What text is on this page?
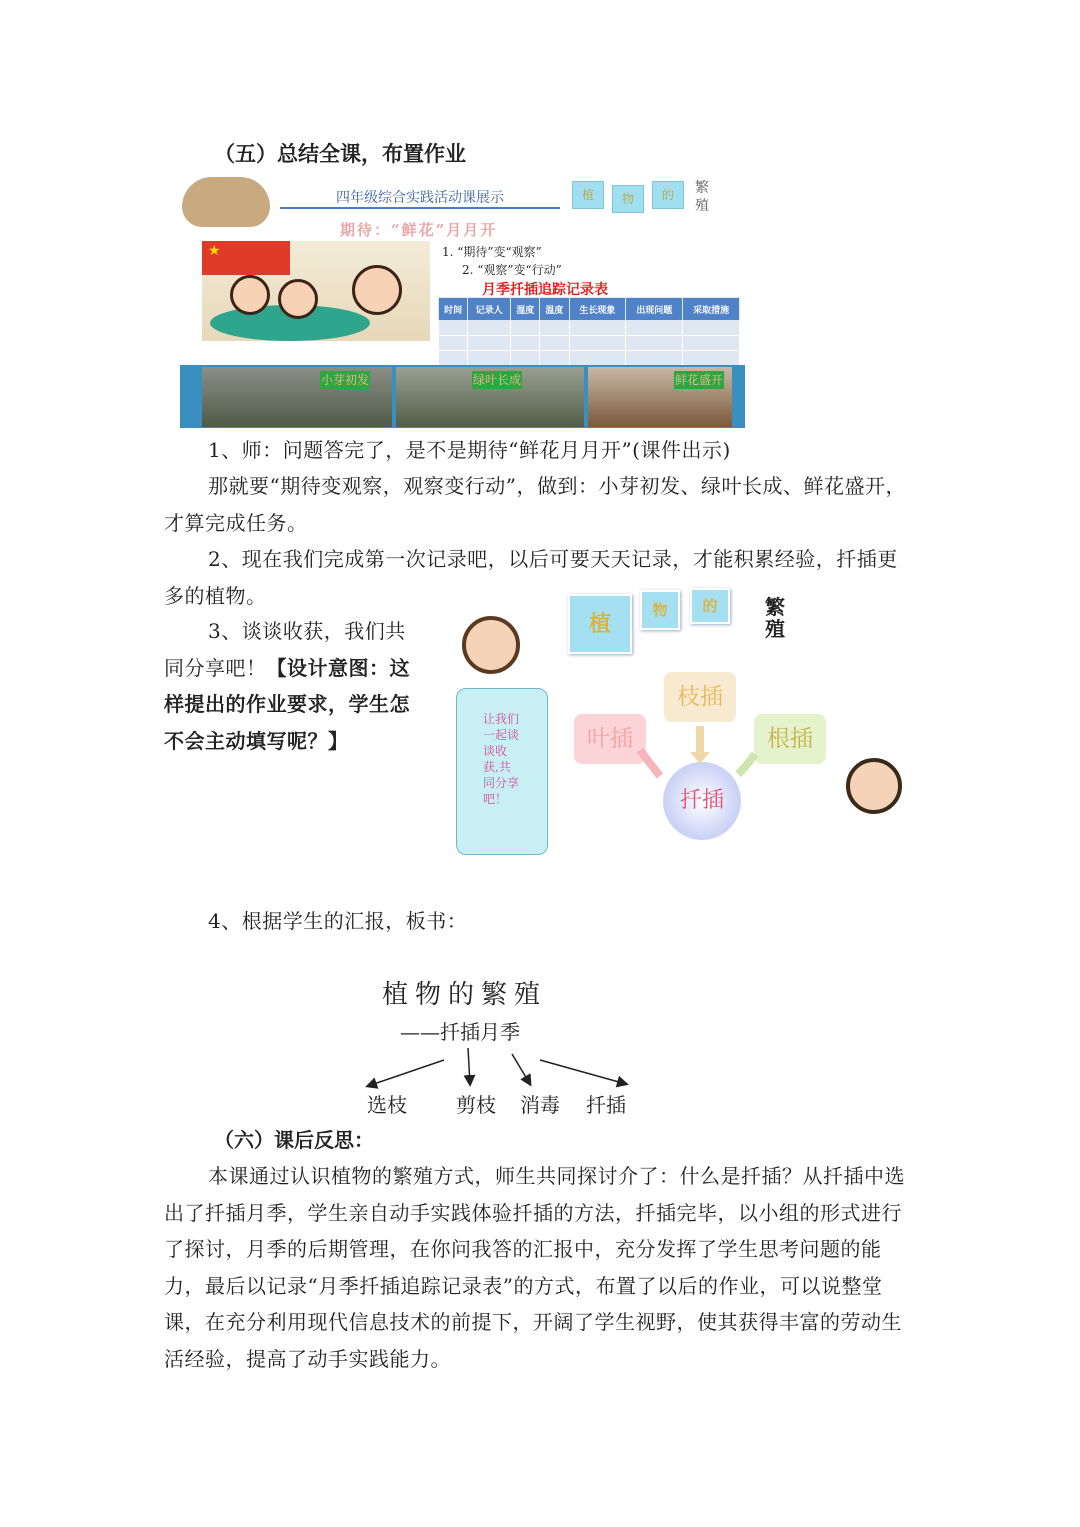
（五）总结全课，布置作业
四年级综合实践活动课展示	植	物	的	繁殖
期待：“鲜花”月月开
★
1. “期待”变“观察”
2. “观察”变“行动”
月季扦插追踪记录表
时间	记录人	湿度	温度	生长现象	出现问题	采取措施

小芽初发	绿叶长成	鲜花盛开
1、师：问题答完了，是不是期待“鲜花月月开”(课件出示)
那就要“期待变观察，观察变行动”，做到：小芽初发、绿叶长成、鲜花盛开，才算完成任务。
2、现在我们完成第一次记录吧，以后可要天天记录，才能积累经验，扦插更多的植物。
3、谈谈收获，我们共同分享吧！【设计意图：这样提出的作业要求，学生怎不会主动填写呢？】
植
物	的	繁殖
让我们一起谈谈收获,共同分享吧！
枝插
叶插	根插
扦插
4、根据学生的汇报，板书：
植物的繁殖
——扦插月季
选枝 剪枝 消毒 扦插
（六）课后反思：
本课通过认识植物的繁殖方式，师生共同探讨介了：什么是扦插？从扦插中选出了扦插月季，学生亲自动手实践体验扦插的方法，扦插完毕，以小组的形式进行了探讨，月季的后期管理，在你问我答的汇报中，充分发挥了学生思考问题的能力，最后以记录“月季扦插追踪记录表”的方式，布置了以后的作业，可以说整堂课，在充分利用现代信息技术的前提下，开阔了学生视野，使其获得丰富的劳动生活经验，提高了动手实践能力。
